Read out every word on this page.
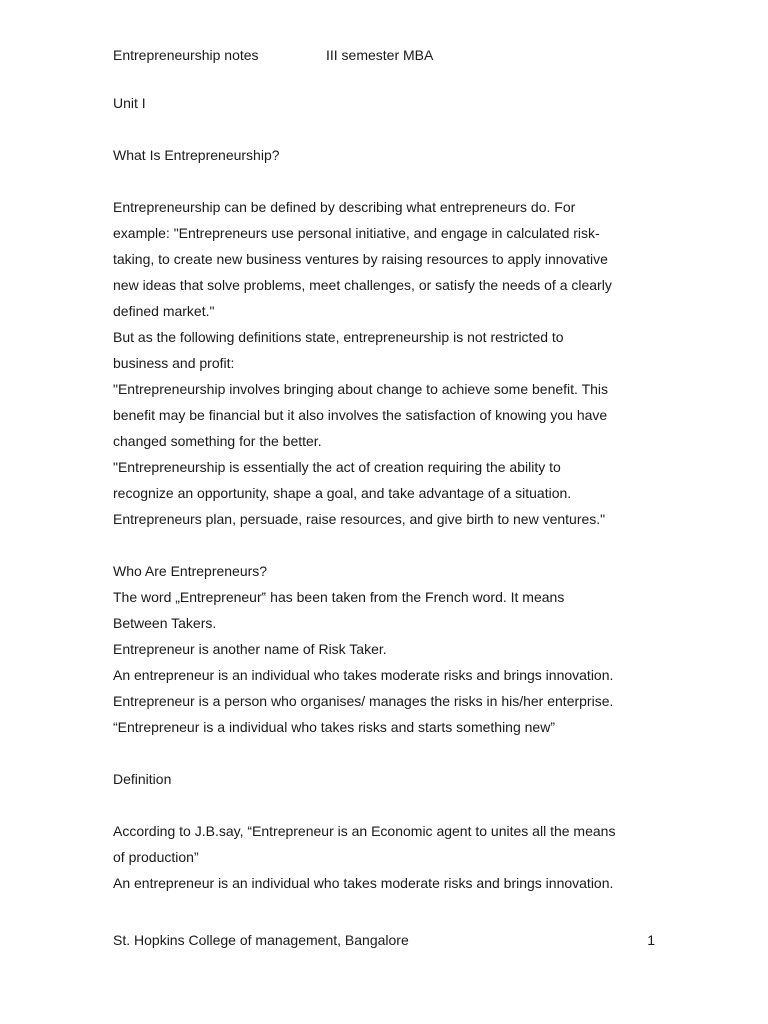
Entrepreneurship notes	III semester MBA
Unit I
What Is Entrepreneurship?
Entrepreneurship can be defined by describing what entrepreneurs do. For
example: "Entrepreneurs use personal initiative, and engage in calculated risk-
taking, to create new business ventures by raising resources to apply innovative
new ideas that solve problems, meet challenges, or satisfy the needs of a clearly
defined market."
But as the following definitions state, entrepreneurship is not restricted to
business and profit:
"Entrepreneurship involves bringing about change to achieve some benefit. This
benefit may be financial but it also involves the satisfaction of knowing you have
changed something for the better.
"Entrepreneurship is essentially the act of creation requiring the ability to
recognize an opportunity, shape a goal, and take advantage of a situation.
Entrepreneurs plan, persuade, raise resources, and give birth to new ventures."
Who Are Entrepreneurs?
The word „Entrepreneur‟ has been taken from the French word. It means
Between Takers.
Entrepreneur is another name of Risk Taker.
An entrepreneur is an individual who takes moderate risks and brings innovation.
Entrepreneur is a person who organises/ manages the risks in his/her enterprise.
“Entrepreneur is a individual who takes risks and starts something new”
Definition
According to J.B.say, “Entrepreneur is an Economic agent to unites all the means
of production”
An entrepreneur is an individual who takes moderate risks and brings innovation.
St. Hopkins College of management, Bangalore	1
